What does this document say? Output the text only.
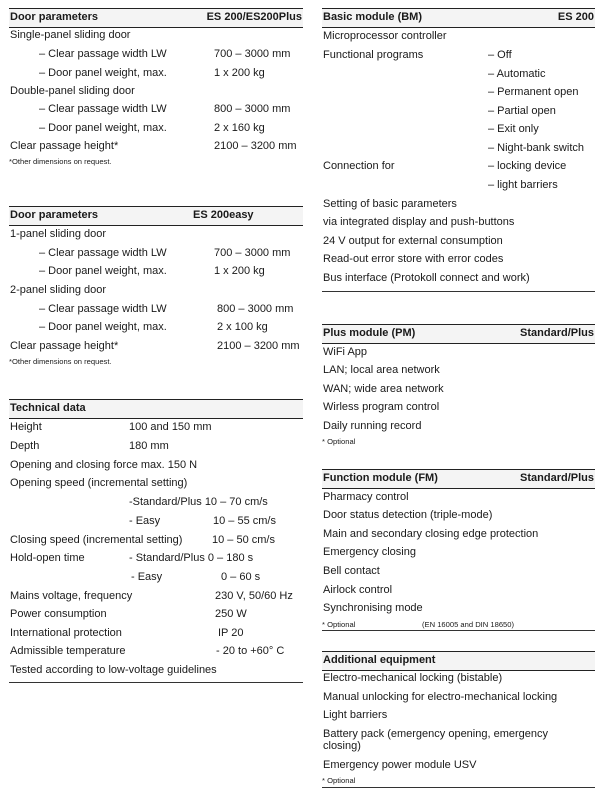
Door parameters	ES 200/ES200Plus
Single-panel sliding door
– Clear passage width LW	700 – 3000 mm
– Door panel weight, max.	1 x 200 kg
Double-panel sliding door
– Clear passage width LW	800 – 3000 mm
– Door panel weight, max.	2 x 160 kg
Clear passage height*	2100 – 3200 mm
*Other dimensions on request.
Door parameters	ES 200easy
1-panel sliding door
– Clear passage width LW	700 – 3000 mm
– Door panel weight, max.	1 x 200 kg
2-panel sliding door
– Clear passage width LW	800 – 3000 mm
– Door panel weight, max.	2 x 100 kg
Clear passage height*	2100 – 3200 mm
*Other dimensions on request.
Technical data
Height	100 and 150 mm
Depth	180 mm
Opening and closing force max. 150 N
Opening speed (incremental setting)
-Standard/Plus 10 – 70 cm/s
- Easy	10 – 55 cm/s
Closing speed (incremental setting)	10 – 50 cm/s
Hold-open time	- Standard/Plus 0 – 180 s
- Easy	0 – 60 s
Mains voltage, frequency	230 V, 50/60 Hz
Power consumption	250 W
International protection	IP 20
Admissible temperature	- 20 to +60° C
Tested according to low-voltage guidelines
Basic module (BM)	ES 200
Microprocessor controller
Functional programs	– Off
– Automatic
– Permanent open
– Partial open
– Exit only
– Night-bank switch
Connection for	– locking device
– light barriers
Setting of basic parameters
via integrated display and push-buttons
24 V output for external consumption
Read-out error store with error codes
Bus interface (Protokoll connect and work)
Plus module (PM)	Standard/Plus
WiFi App
LAN; local area network
WAN; wide area network
Wirless program control
Daily running record
* Optional
Function module (FM)	Standard/Plus
Pharmacy control
Door status detection (triple-mode)
Main and secondary closing edge protection
Emergency closing
Bell contact
Airlock control
Synchronising mode
* Optional	(EN 16005 and DIN 18650)
Additional equipment
Electro-mechanical locking (bistable)
Manual unlocking for electro-mechanical locking
Light barriers
Battery pack (emergency opening, emergency closing)
Emergency power module USV
* Optional
